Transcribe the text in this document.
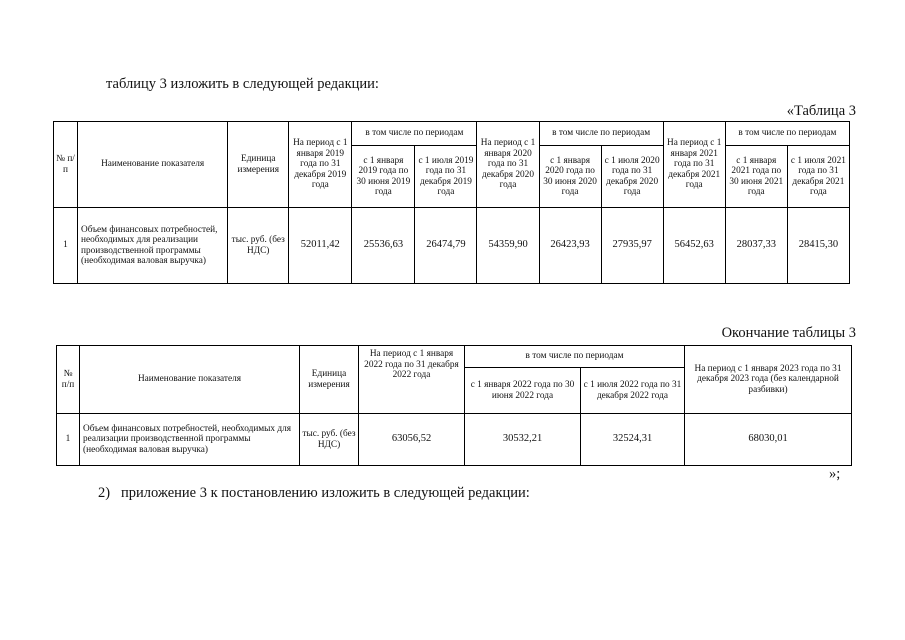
таблицу 3 изложить в следующей редакции:
«Таблица 3
№ п/п	Наименование показателя	Единица измерения	На период с 1 января 2019 года по 31 декабря 2019 года	в том числе по периодам		На период с 1 января 2020 года по 31 декабря 2020 года	в том числе по периодам		На период с 1 января 2021 года по 31 декабря 2021 года	в том числе по периодам	
				с 1 января 2019 года по 30 июня 2019 года	с 1 июля 2019 года по 31 декабря 2019 года		с 1 января 2020 года по 30 июня 2020 года	с 1 июля 2020 года по 31 декабря 2020 года		с 1 января 2021 года по 30 июня 2021 года	с 1 июля 2021 года по 31 декабря 2021 года
1	Объем финансовых потребностей, необходимых для реализации производственной программы (необходимая валовая выручка)	тыс. руб. (без НДС)	52011,42	25536,63	26474,79	54359,90	26423,93	27935,97	56452,63	28037,33	28415,30
Окончание таблицы 3
№ п/п	Наименование показателя	Единица измерения	На период с 1 января 2022 года по 31 декабря 2022 года	в том числе по периодам		На период с 1 января 2023 года по 31 декабря 2023 года (без календарной разбивки)
				с 1 января 2022 года по 30 июня 2022 года	с 1 июля 2022 года по 31 декабря 2022 года	
1	Объем финансовых потребностей, необходимых для реализации производственной программы (необходимая валовая выручка)	тыс. руб. (без НДС)	63056,52	30532,21	32524,31	68030,01
»;
2) приложение 3 к постановлению изложить в следующей редакции:
